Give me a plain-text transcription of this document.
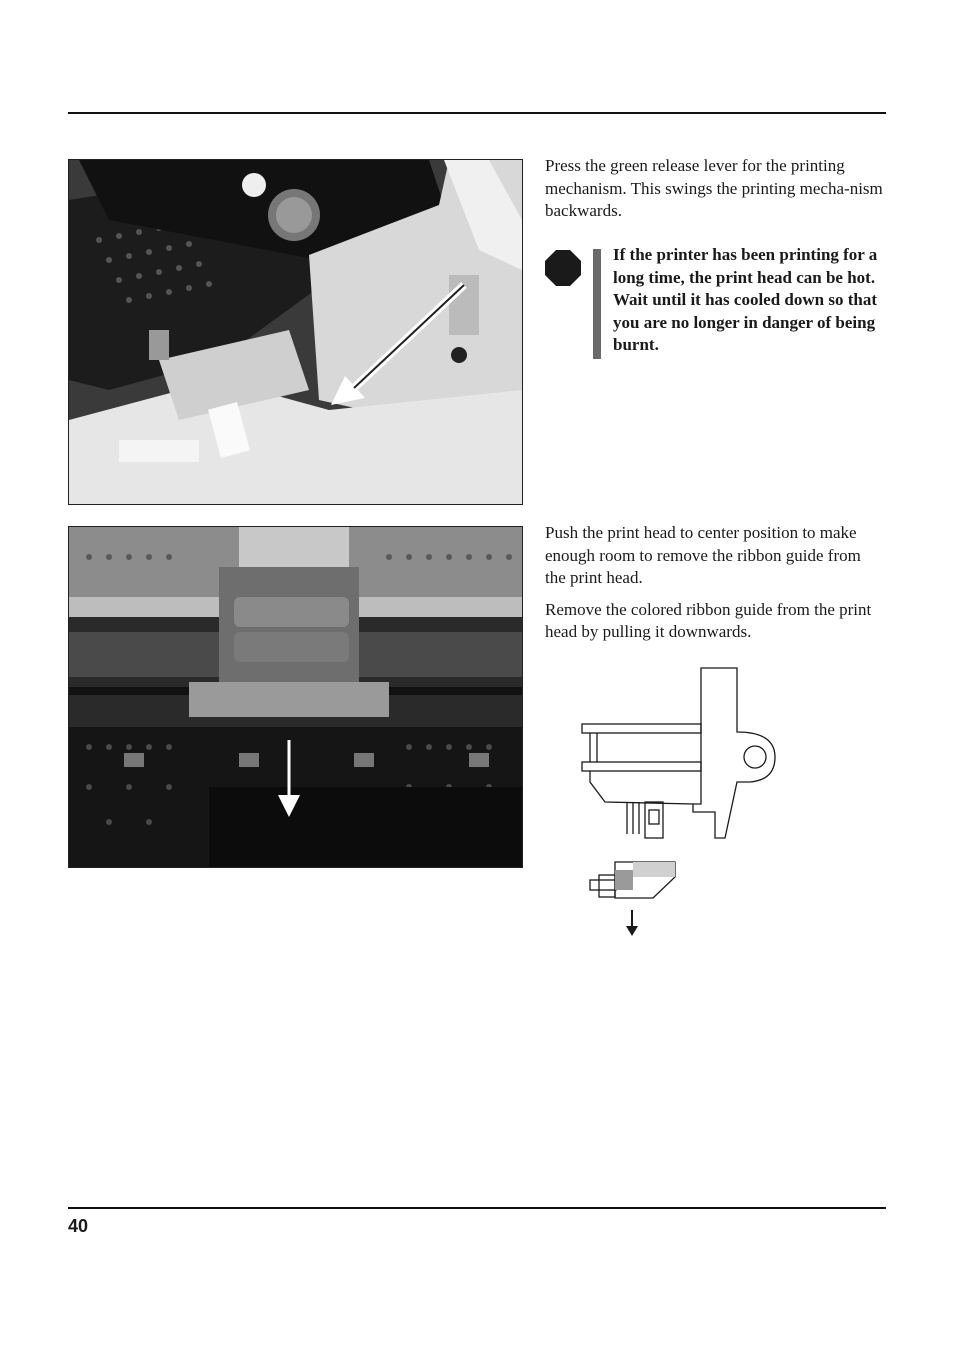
Press the green release lever for the printing mechanism. This swings the printing mecha-nism backwards.

If the printer has been printing for a long time, the print head can be hot. Wait until it has cooled down so that you are no longer in danger of being burnt.

Push the print head to center position to make enough room to remove the ribbon guide from the print head.

Remove the colored ribbon guide from the print head by pulling it downwards.

40
